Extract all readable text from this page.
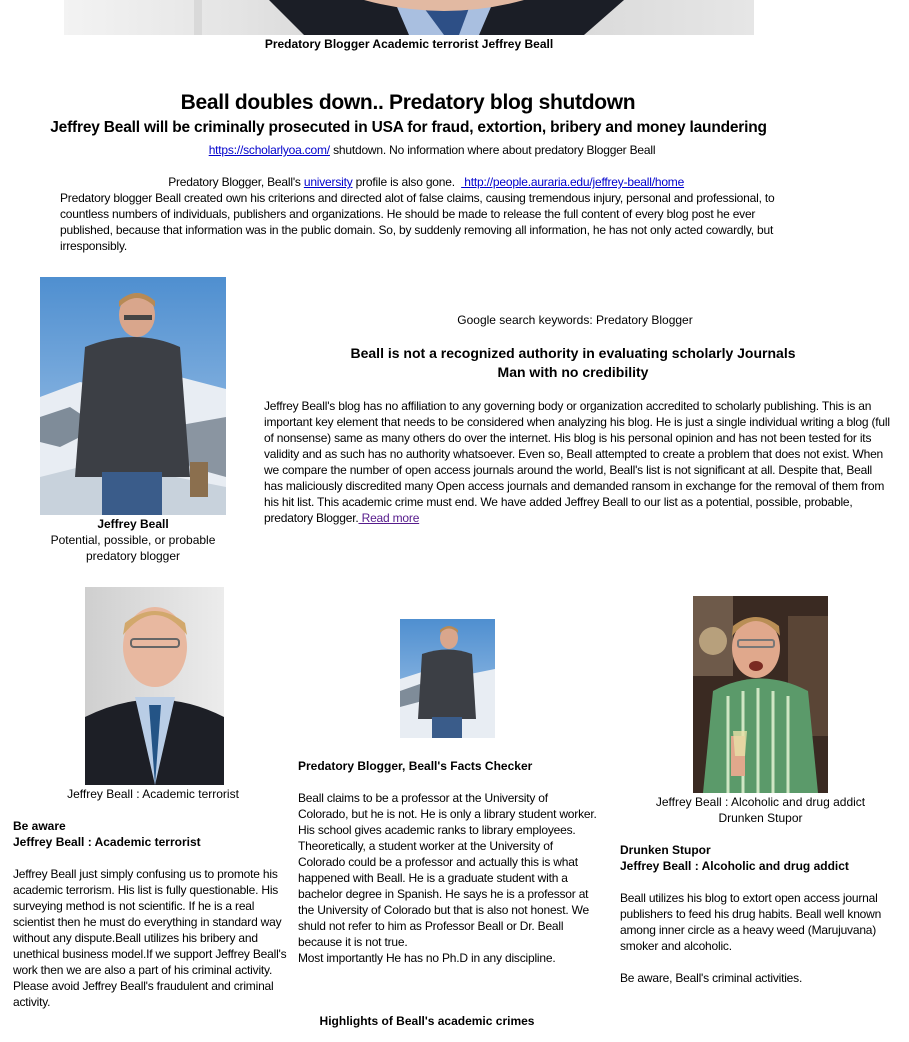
Predatory Blogger Academic terrorist Jeffrey Beall
Beall doubles down.. Predatory blog shutdown
Jeffrey Beall will be criminally prosecuted in USA for fraud, extortion, bribery and money laundering
https://scholarlyoa.com/ shutdown. No information where about predatory Blogger Beall

Predatory Blogger, Beall's university profile is also gone.   http://people.auraria.edu/jeffrey-beall/home

Predatory blogger Beall created own his criterions and directed alot of false claims, causing tremendous injury, personal and professional, to countless numbers of individuals, publishers and organizations. He should be made to release the full content of every blog post he ever published, because that information was in the public domain. So, by suddenly removing all information, he has not only acted cowardly, but irresponsibly.
Jeffrey Beall
Potential, possible, or probable predatory blogger
Google search keywords: Predatory Blogger
Beall is not a recognized authority in evaluating scholarly Journals
Man with no credibility
Jeffrey Beall's blog has no affiliation to any governing body or organization accredited to scholarly publishing. This is an important key element that needs to be considered when analyzing his blog. He is just a single individual writing a blog (full of nonsense) same as many others do over the internet. His blog is his personal opinion and has not been tested for its validity and as such has no authority whatsoever. Even so, Beall attempted to create a problem that does not exist. When we compare the number of open access journals around the world, Beall's list is not significant at all. Despite that, Beall has maliciously discredited many Open access journals and demanded ransom in exchange for the removal of them from his hit list. This academic crime must end. We have added Jeffrey Beall to our list as a potential, possible, probable, predatory Blogger. Read more
Jeffrey Beall : Academic terrorist
Be aware
Jeffrey Beall : Academic terrorist
Jeffrey Beall just simply confusing us to promote his academic terrorism. His list is fully questionable. His surveying method is not scientific. If he is a real scientist then he must do everything in standard way without any dispute.Beall utilizes his bribery and unethical business model.If we support Jeffrey Beall's work then we are also a part of his criminal activity. Please avoid Jeffrey Beall's fraudulent and criminal activity.
Predatory Blogger, Beall's Facts Checker
Beall claims to be a professor at the University of Colorado, but he is not. He is only a library student worker. His school gives academic ranks to library employees. Theoretically, a student worker at the University of Colorado could be a professor and actually this is what happened with Beall. He is a graduate student with a bachelor degree in Spanish. He says he is a professor at the University of Colorado but that is also not honest. We shuld not refer to him as Professor Beall or Dr. Beall because it is not true.
Most importantly He has no Ph.D in any discipline.
Jeffrey Beall : Alcoholic and drug addict
Drunken Stupor
Drunken Stupor
Jeffrey Beall : Alcoholic and drug addict
Beall utilizes his blog to extort open access journal publishers to feed his drug habits. Beall well known among inner circle as a heavy weed (Marujuvana) smoker and alcoholic.
Be aware, Beall's criminal activities.
Highlights of Beall's academic crimes
